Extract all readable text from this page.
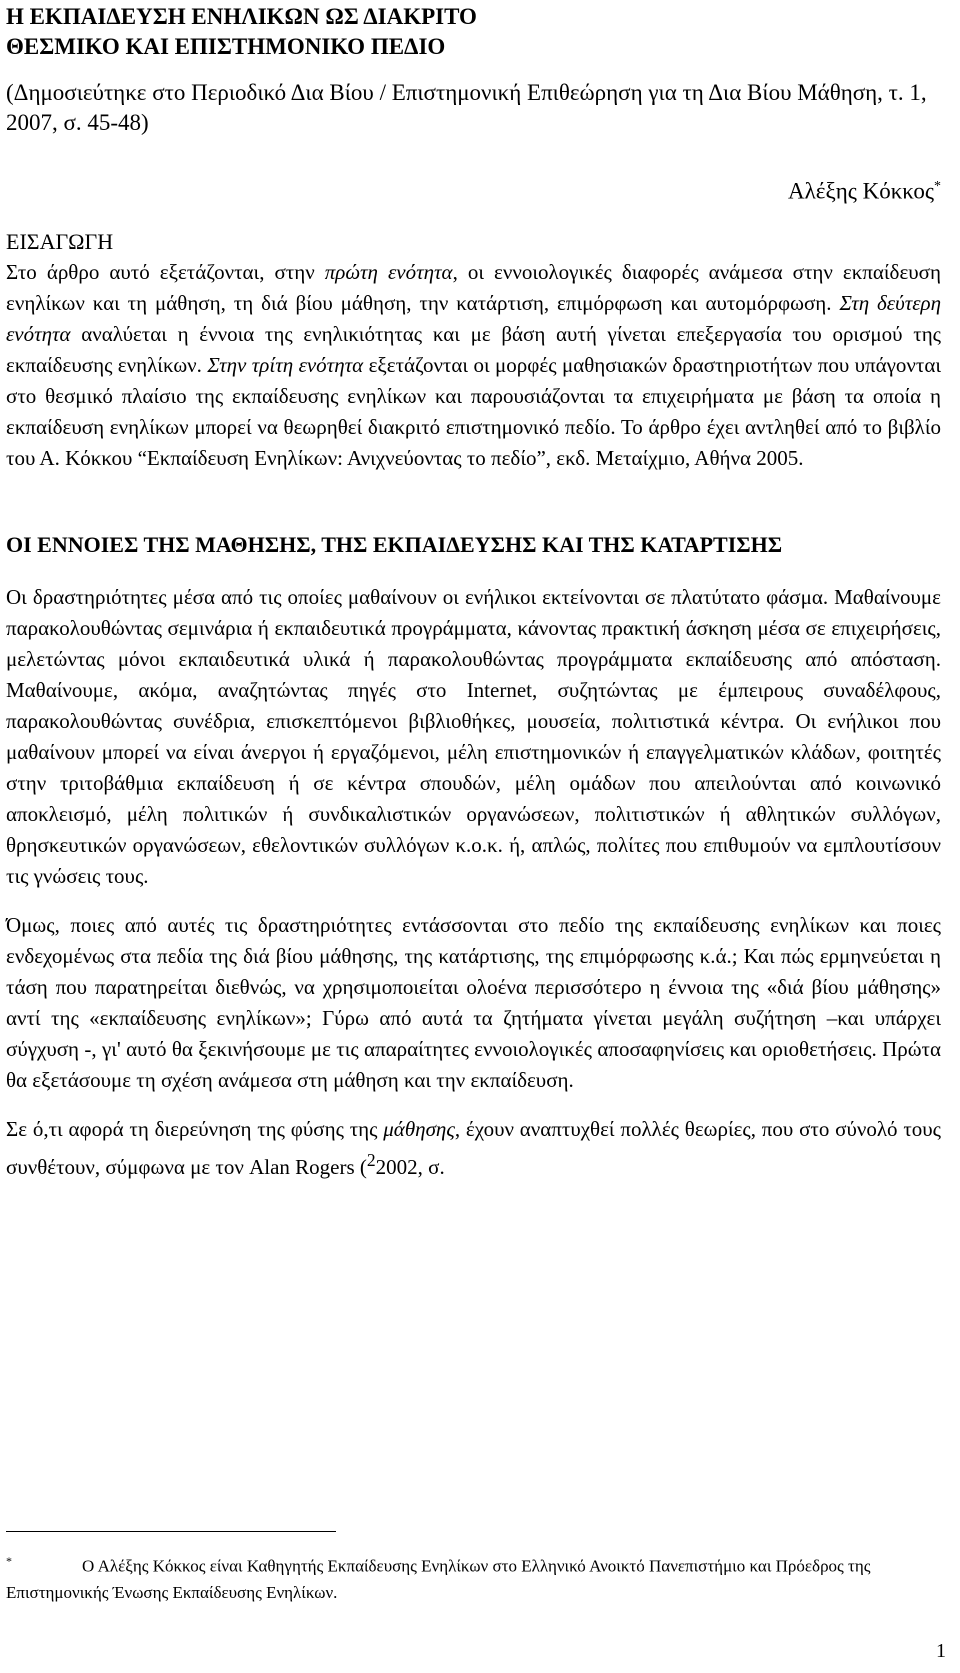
Η ΕΚΠΑΙΔΕΥΣΗ ΕΝΗΛΙΚΩΝ ΩΣ ΔΙΑΚΡΙΤΟ
ΘΕΣΜΙΚΟ ΚΑΙ ΕΠΙΣΤΗΜΟΝΙΚΟ ΠΕΔΙΟ

(Δημοσιεύτηκε στο Περιοδικό Δια Βίου / Επιστημονική Επιθεώρηση για τη Δια Βίου Μάθηση, τ. 1, 2007, σ. 45-48)

Αλέξης Κόκκος*

ΕΙΣΑΓΩΓΗ

Στο άρθρο αυτό εξετάζονται, στην πρώτη ενότητα, οι εννοιολογικές διαφορές ανάμεσα στην εκπαίδευση ενηλίκων και τη μάθηση, τη διά βίου μάθηση, την κατάρτιση, επιμόρφωση και αυτομόρφωση. Στη δεύτερη ενότητα αναλύεται η έννοια της ενηλικιότητας και με βάση αυτή γίνεται επεξεργασία του ορισμού της εκπαίδευσης ενηλίκων. Στην τρίτη ενότητα εξετάζονται οι μορφές μαθησιακών δραστηριοτήτων που υπάγονται στο θεσμικό πλαίσιο της εκπαίδευσης ενηλίκων και παρουσιάζονται τα επιχειρήματα με βάση τα οποία η εκπαίδευση ενηλίκων μπορεί να θεωρηθεί διακριτό επιστημονικό πεδίο. Το άρθρο έχει αντληθεί από το βιβλίο του Α. Κόκκου “Εκπαίδευση Ενηλίκων: Ανιχνεύοντας το πεδίο”, εκδ. Μεταίχμιο, Αθήνα 2005.

ΟΙ ΕΝΝΟΙΕΣ ΤΗΣ ΜΑΘΗΣΗΣ, ΤΗΣ ΕΚΠΑΙΔΕΥΣΗΣ ΚΑΙ ΤΗΣ ΚΑΤΑΡΤΙΣΗΣ

Οι δραστηριότητες μέσα από τις οποίες μαθαίνουν οι ενήλικοι εκτείνονται σε πλατύτατο φάσμα. Μαθαίνουμε παρακολουθώντας σεμινάρια ή εκπαιδευτικά προγράμματα, κάνοντας πρακτική άσκηση μέσα σε επιχειρήσεις, μελετώντας μόνοι εκπαιδευτικά υλικά ή παρακολουθώντας προγράμματα εκπαίδευσης από απόσταση. Μαθαίνουμε, ακόμα, αναζητώντας πηγές στο Internet, συζητώντας με έμπειρους συναδέλφους, παρακολουθώντας συνέδρια, επισκεπτόμενοι βιβλιοθήκες, μουσεία, πολιτιστικά κέντρα. Οι ενήλικοι που μαθαίνουν μπορεί να είναι άνεργοι ή εργαζόμενοι, μέλη επιστημονικών ή επαγγελματικών κλάδων, φοιτητές στην τριτοβάθμια εκπαίδευση ή σε κέντρα σπουδών, μέλη ομάδων που απειλούνται από κοινωνικό αποκλεισμό, μέλη πολιτικών ή συνδικαλιστικών οργανώσεων, πολιτιστικών ή αθλητικών συλλόγων, θρησκευτικών οργανώσεων, εθελοντικών συλλόγων κ.ο.κ. ή, απλώς, πολίτες που επιθυμούν να εμπλουτίσουν τις γνώσεις τους.

Όμως, ποιες από αυτές τις δραστηριότητες εντάσσονται στο πεδίο της εκπαίδευσης ενηλίκων και ποιες ενδεχομένως στα πεδία της διά βίου μάθησης, της κατάρτισης, της επιμόρφωσης κ.ά.; Και πώς ερμηνεύεται η τάση που παρατηρείται διεθνώς, να χρησιμοποιείται ολοένα περισσότερο η έννοια της «διά βίου μάθησης» αντί της «εκπαίδευσης ενηλίκων»; Γύρω από αυτά τα ζητήματα γίνεται μεγάλη συζήτηση –και υπάρχει σύγχυση -, γι' αυτό θα ξεκινήσουμε με τις απαραίτητες εννοιολογικές αποσαφηνίσεις και οριοθετήσεις. Πρώτα θα εξετάσουμε τη σχέση ανάμεσα στη μάθηση και την εκπαίδευση.

Σε ό,τι αφορά τη διερεύνηση της φύσης της μάθησης, έχουν αναπτυχθεί πολλές θεωρίες, που στο σύνολό τους συνθέτουν, σύμφωνα με τον Alan Rogers ($^2$2002, σ.

*	Ο Αλέξης Κόκκος είναι Καθηγητής Εκπαίδευσης Ενηλίκων στο Ελληνικό Ανοικτό Πανεπιστήμιο και Πρόεδρος της Επιστημονικής Ένωσης Εκπαίδευσης Ενηλίκων.
1
